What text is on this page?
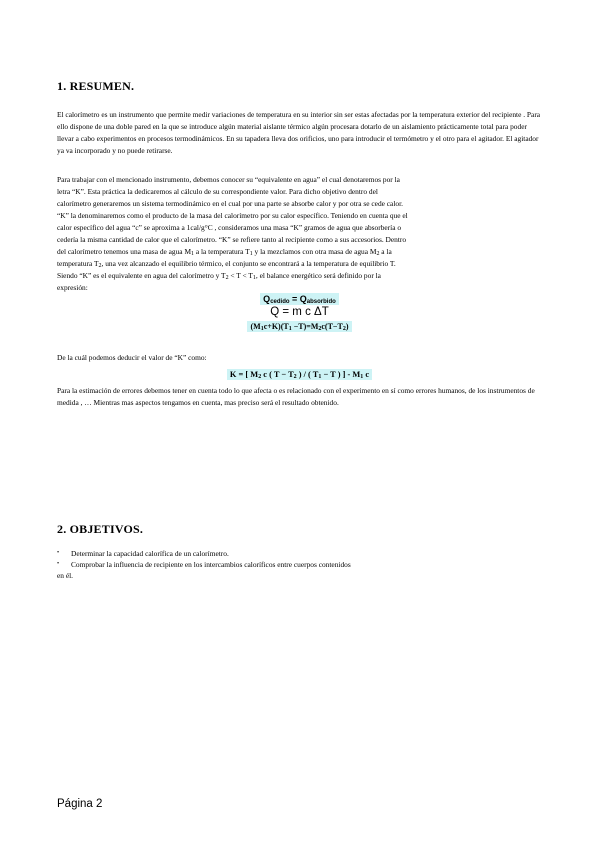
1. RESUMEN.

El calorímetro es un instrumento que permite medir variaciones de temperatura en su interior sin ser estas afectadas por la temperatura exterior del recipiente . Para ello dispone de una doble pared en la que se introduce algún material aislante térmico algún procesara dotarlo de un aislamiento prácticamente total para poder llevar a cabo experimentos en procesos termodinámicos. En su tapadera lleva dos orificios, uno para introducir el termómetro y el otro para el agitador. El agitador ya va incorporado y no puede retirarse.

Para trabajar con el mencionado instrumento, debemos conocer su “equivalente en agua” el cual denotaremos por la
letra “K”. Esta práctica la dedicaremos al cálculo de su correspondiente valor. Para dicho objetivo dentro del
calorímetro generaremos un sistema termodinámico en el cual por una parte se absorbe calor y por otra se cede calor.
“K” la denominaremos como el producto de la masa del calorímetro por su calor específico. Teniendo en cuenta que el
calor específico del agua “c” se aproxima a 1cal/g°C , consideramos una masa “K” gramos de agua que absorbería o
cedería la misma cantidad de calor que el calorímetro. “K” se refiere tanto al recipiente como a sus accesorios. Dentro
del calorímetro tenemos una masa de agua $M_1$ a la temperatura $T_1$ y la mezclamos con otra masa de agua $M_2$ a la
temperatura $T_2$, una vez alcanzado el equilibrio térmico, el conjunto se encontrará a la temperatura de equilibrio T.
Siendo “K” es el equivalente en agua del calorímetro y $T_2 < T < T_1$, el balance energético será definido por la
expresión:

$Q_{cedido} = Q_{absorbido}$
Q = m c ΔT
$(M_1c+K)(T_1 -T)=M_2c(T-T_2)$

De la cuál podemos deducir el valor de “K” como:

K = [ $M_2$ c ( $T - T_2$ ) / ( $T_1 - T$ ) ] - $M_1$ c

Para la estimación de errores debemos tener en cuenta todo lo que afecta o es relacionado con el experimento en sí como errores humanos, de los instrumentos de medida , … Mientras mas aspectos tengamos en cuenta, mas preciso será el resultado obtenido.

2. OBJETIVOS.
• Determinar la capacidad calorífica de un calorímetro.
• Comprobar la influencia de recipiente en los intercambios caloríficos entre cuerpos contenidos
en él.
Página 2
